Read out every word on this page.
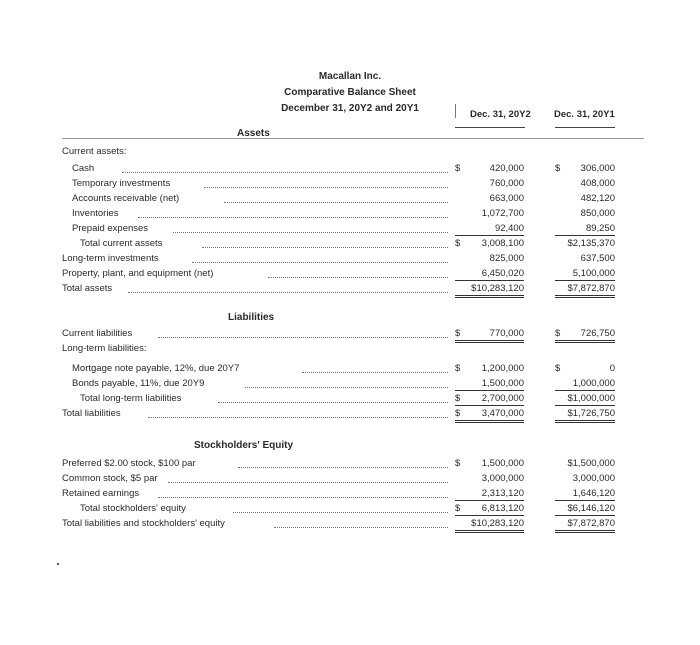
Macallan Inc.
Comparative Balance Sheet
December 31, 20Y2 and 20Y1
Dec. 31, 20Y2 Dec. 31, 20Y1
Assets
Liabilities
Stockholders' Equity
Current assets:
Cash	$	420,000	$ 306,000
Temporary investments	760,000	408,000
Accounts receivable (net)	663,000	482,120
Inventories	1,072,700	850,000
Prepaid expenses	92,400	89,250
Total current assets	$ 3,008,100	$2,135,370
Long-term investments	825,000	637,500
Property, plant, and equipment (net)	6,450,020	5,100,000
Total assets	$10,283,120	$7,872,870
Current liabilities	$	770,000	$ 726,750
Long-term liabilities:
Mortgage note payable, 12%, due 20Y7	$ 1,200,000	$	0
Bonds payable, 11%, due 20Y9	1,500,000	1,000,000
Total long-term liabilities	$ 2,700,000	$1,000,000
Total liabilities	$ 3,470,000	$1,726,750
Preferred $2.00 stock, $100 par	$ 1,500,000	$1,500,000
Common stock, $5 par	3,000,000	3,000,000
Retained earnings	2,313,120	1,646,120
Total stockholders' equity	$ 6,813,120	$6,146,120
Total liabilities and stockholders' equity	$10,283,120	$7,872,870
